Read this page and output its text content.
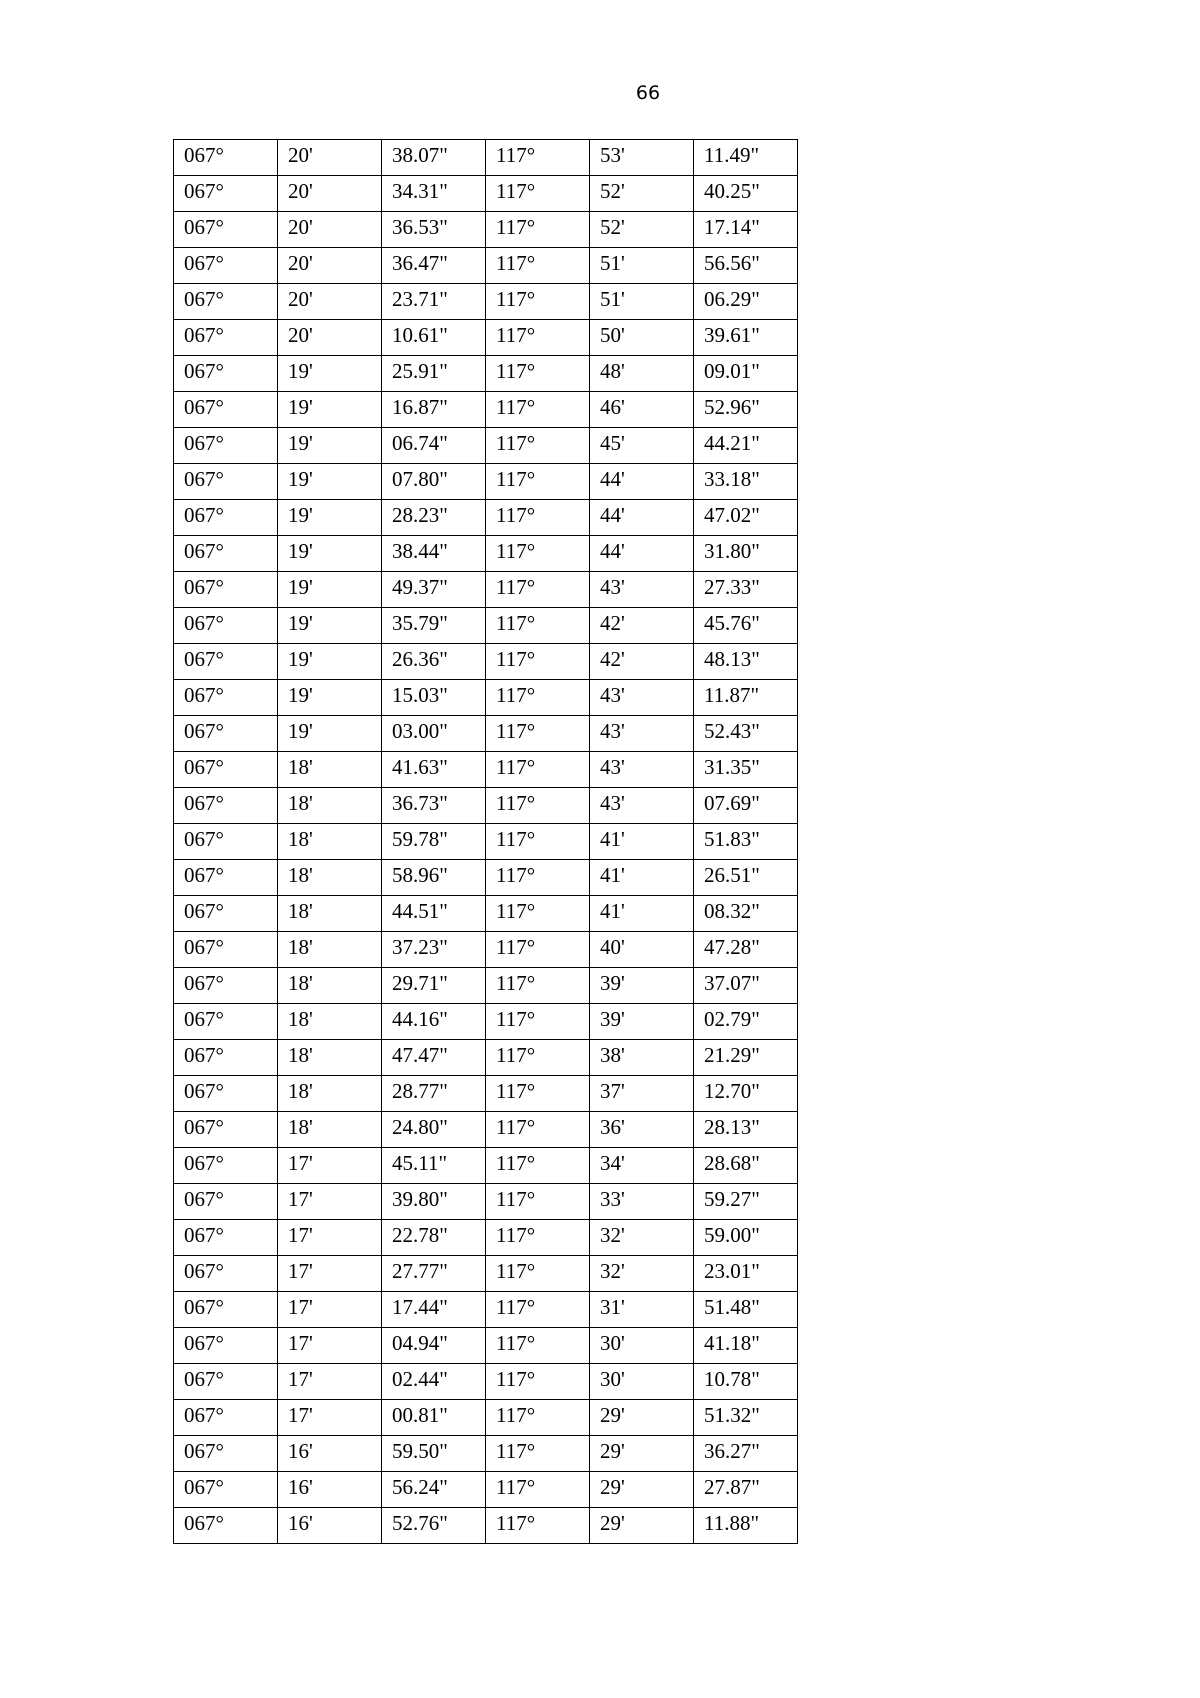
66
067°	20'	38.07"	117°	53'	11.49"
067°	20'	34.31"	117°	52'	40.25"
067°	20'	36.53"	117°	52'	17.14"
067°	20'	36.47"	117°	51'	56.56"
067°	20'	23.71"	117°	51'	06.29"
067°	20'	10.61"	117°	50'	39.61"
067°	19'	25.91"	117°	48'	09.01"
067°	19'	16.87"	117°	46'	52.96"
067°	19'	06.74"	117°	45'	44.21"
067°	19'	07.80"	117°	44'	33.18"
067°	19'	28.23"	117°	44'	47.02"
067°	19'	38.44"	117°	44'	31.80"
067°	19'	49.37"	117°	43'	27.33"
067°	19'	35.79"	117°	42'	45.76"
067°	19'	26.36"	117°	42'	48.13"
067°	19'	15.03"	117°	43'	11.87"
067°	19'	03.00"	117°	43'	52.43"
067°	18'	41.63"	117°	43'	31.35"
067°	18'	36.73"	117°	43'	07.69"
067°	18'	59.78"	117°	41'	51.83"
067°	18'	58.96"	117°	41'	26.51"
067°	18'	44.51"	117°	41'	08.32"
067°	18'	37.23"	117°	40'	47.28"
067°	18'	29.71"	117°	39'	37.07"
067°	18'	44.16"	117°	39'	02.79"
067°	18'	47.47"	117°	38'	21.29"
067°	18'	28.77"	117°	37'	12.70"
067°	18'	24.80"	117°	36'	28.13"
067°	17'	45.11"	117°	34'	28.68"
067°	17'	39.80"	117°	33'	59.27"
067°	17'	22.78"	117°	32'	59.00"
067°	17'	27.77"	117°	32'	23.01"
067°	17'	17.44"	117°	31'	51.48"
067°	17'	04.94"	117°	30'	41.18"
067°	17'	02.44"	117°	30'	10.78"
067°	17'	00.81"	117°	29'	51.32"
067°	16'	59.50"	117°	29'	36.27"
067°	16'	56.24"	117°	29'	27.87"
067°	16'	52.76"	117°	29'	11.88"
